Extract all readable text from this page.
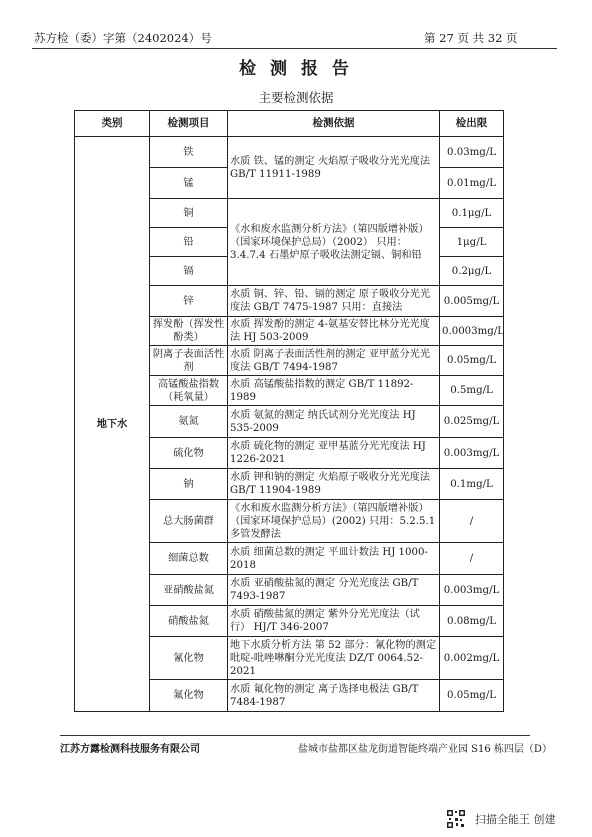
苏方检（委）字第（2402024）号	第 27 页 共 32 页
检 测 报 告
主要检测依据
类别	检测项目	检测依据	检出限
地下水	铁	水质 铁、锰的测定 火焰原子吸收分光光度法 GB/T 11911-1989	0.03mg/L
	锰		0.01mg/L
	铜	《水和废水监测分析方法》（第四版增补版）（国家环境保护总局）（2002） 只用：3.4.7.4 石墨炉原子吸收法测定镉、铜和铅	0.1μg/L
	铅		1μg/L
	镉		0.2μg/L
	锌	水质 铜、锌、铅、镉的测定 原子吸收分光光度法 GB/T 7475-1987 只用：直接法	0.005mg/L
	挥发酚（挥发性酚类）	水质 挥发酚的测定 4-氨基安替比林分光光度法 HJ 503-2009	0.0003mg/L
	阴离子表面活性剂	水质 阴离子表面活性剂的测定 亚甲蓝分光光度法 GB/T 7494-1987	0.05mg/L
	高锰酸盐指数（耗氧量）	水质 高锰酸盐指数的测定 GB/T 11892-1989	0.5mg/L
	氨氮	水质 氨氮的测定 纳氏试剂分光光度法 HJ 535-2009	0.025mg/L
	硫化物	水质 硫化物的测定 亚甲基蓝分光光度法 HJ 1226-2021	0.003mg/L
	钠	水质 钾和钠的测定 火焰原子吸收分光光度法 GB/T 11904-1989	0.1mg/L
	总大肠菌群	《水和废水监测分析方法》（第四版增补版）（国家环境保护总局）(2002) 只用：5.2.5.1 多管发酵法	/
	细菌总数	水质 细菌总数的测定 平皿计数法 HJ 1000-2018	/
	亚硝酸盐氮	水质 亚硝酸盐氮的测定 分光光度法 GB/T 7493-1987	0.003mg/L
	硝酸盐氮	水质 硝酸盐氮的测定 紫外分光光度法（试行） HJ/T 346-2007	0.08mg/L
	氰化物	地下水质分析方法 第 52 部分：氰化物的测定 吡啶-吡唑啉酮分光光度法 DZ/T 0064.52-2021	0.002mg/L
	氟化物	水质 氟化物的测定 离子选择电极法 GB/T 7484-1987	0.05mg/L
江苏方露检测科技服务有限公司	盐城市盐都区盐龙街道智能终端产业园 S16 栋四层（D）
扫描全能王 创建
